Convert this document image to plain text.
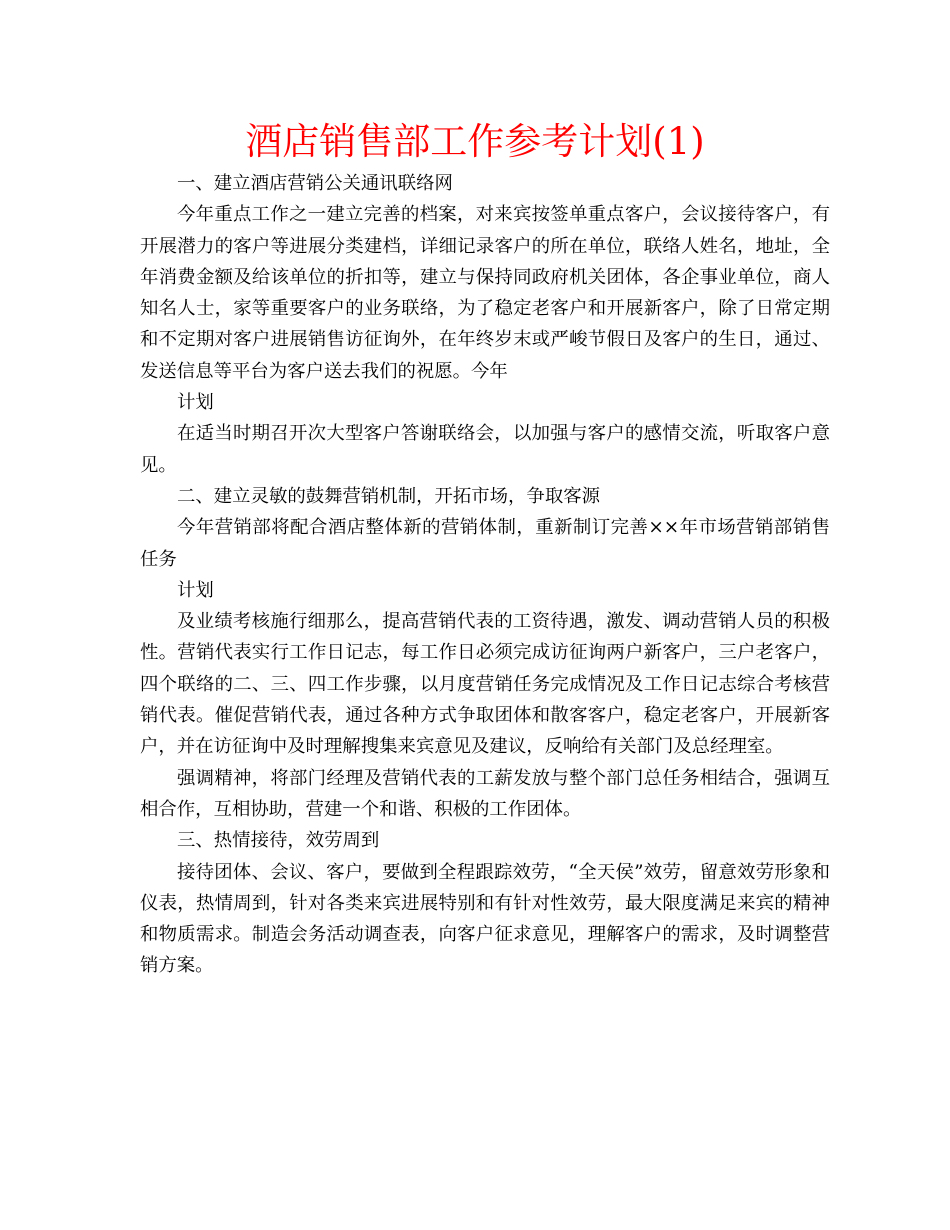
酒店销售部工作参考计划(1)

一、建立酒店营销公关通讯联络网

今年重点工作之一建立完善的档案，对来宾按签单重点客户，会议接待客户，有开展潜力的客户等进展分类建档，详细记录客户的所在单位，联络人姓名，地址，全年消费金额及给该单位的折扣等，建立与保持同政府机关团体，各企事业单位，商人知名人士，家等重要客户的业务联络，为了稳定老客户和开展新客户，除了日常定期和不定期对客户进展销售访征询外，在年终岁末或严峻节假日及客户的生日，通过、发送信息等平台为客户送去我们的祝愿。今年

计划

在适当时期召开次大型客户答谢联络会，以加强与客户的感情交流，听取客户意见。

二、建立灵敏的鼓舞营销机制，开拓市场，争取客源

今年营销部将配合酒店整体新的营销体制，重新制订完善××年市场营销部销售任务

计划

及业绩考核施行细那么，提高营销代表的工资待遇，激发、调动营销人员的积极性。营销代表实行工作日记志，每工作日必须完成访征询两户新客户，三户老客户，四个联络的二、三、四工作步骤，以月度营销任务完成情况及工作日记志综合考核营销代表。催促营销代表，通过各种方式争取团体和散客客户，稳定老客户，开展新客户，并在访征询中及时理解搜集来宾意见及建议，反响给有关部门及总经理室。

强调精神，将部门经理及营销代表的工薪发放与整个部门总任务相结合，强调互相合作，互相协助，营建一个和谐、积极的工作团体。

三、热情接待，效劳周到

接待团体、会议、客户，要做到全程跟踪效劳，“全天侯”效劳，留意效劳形象和仪表，热情周到，针对各类来宾进展特别和有针对性效劳，最大限度满足来宾的精神和物质需求。制造会务活动调查表，向客户征求意见，理解客户的需求，及时调整营销方案。
